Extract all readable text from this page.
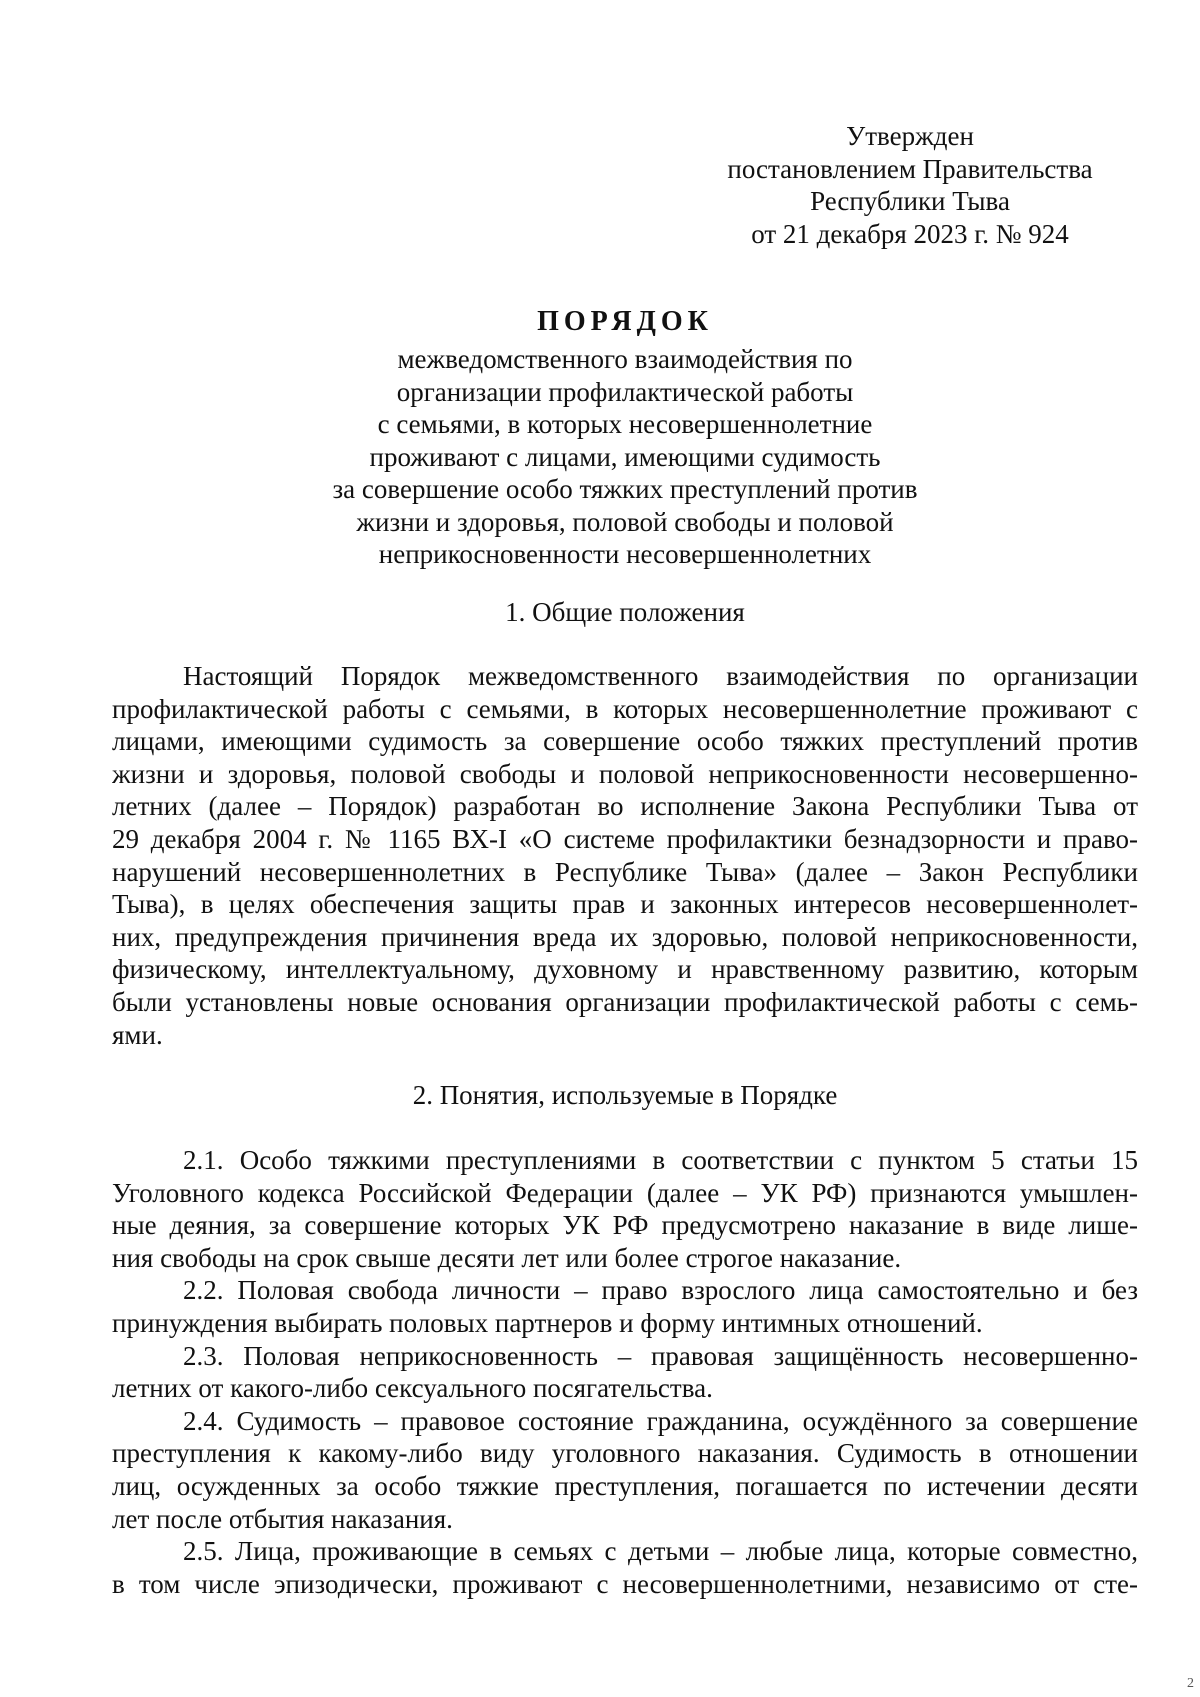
Утвержден
постановлением Правительства
Республики Тыва
от 21 декабря 2023 г. № 924
ПОРЯДОК
межведомственного взаимодействия по
организации профилактической работы
с семьями, в которых несовершеннолетние
проживают с лицами, имеющими судимость
за совершение особо тяжких преступлений против
жизни и здоровья, половой свободы и половой
неприкосновенности несовершеннолетних
1. Общие положения
Настоящий Порядок межведомственного взаимодействия по организации
профилактической работы с семьями, в которых несовершеннолетние проживают с
лицами, имеющими судимость за совершение особо тяжких преступлений против
жизни и здоровья, половой свободы и половой неприкосновенности несовершенно-
летних (далее – Порядок) разработан во исполнение Закона Республики Тыва от
29 декабря 2004 г. № 1165 ВХ-I «О системе профилактики безнадзорности и право-
нарушений несовершеннолетних в Республике Тыва» (далее – Закон Республики
Тыва), в целях обеспечения защиты прав и законных интересов несовершеннолет-
них, предупреждения причинения вреда их здоровью, половой неприкосновенности,
физическому, интеллектуальному, духовному и нравственному развитию, которым
были установлены новые основания организации профилактической работы с семь-
ями.
2. Понятия, используемые в Порядке
2.1. Особо тяжкими преступлениями в соответствии с пунктом 5 статьи 15
Уголовного кодекса Российской Федерации (далее – УК РФ) признаются умышлен-
ные деяния, за совершение которых УК РФ предусмотрено наказание в виде лише-
ния свободы на срок свыше десяти лет или более строгое наказание.
2.2. Половая свобода личности – право взрослого лица самостоятельно и без
принуждения выбирать половых партнеров и форму интимных отношений.
2.3. Половая неприкосновенность – правовая защищённость несовершенно-
летних от какого-либо сексуального посягательства.
2.4. Судимость – правовое состояние гражданина, осуждённого за совершение
преступления к какому-либо виду уголовного наказания. Судимость в отношении
лиц, осужденных за особо тяжкие преступления, погашается по истечении десяти
лет после отбытия наказания.
2.5. Лица, проживающие в семьях с детьми – любые лица, которые совместно,
в том числе эпизодически, проживают с несовершеннолетними, независимо от сте-
2
